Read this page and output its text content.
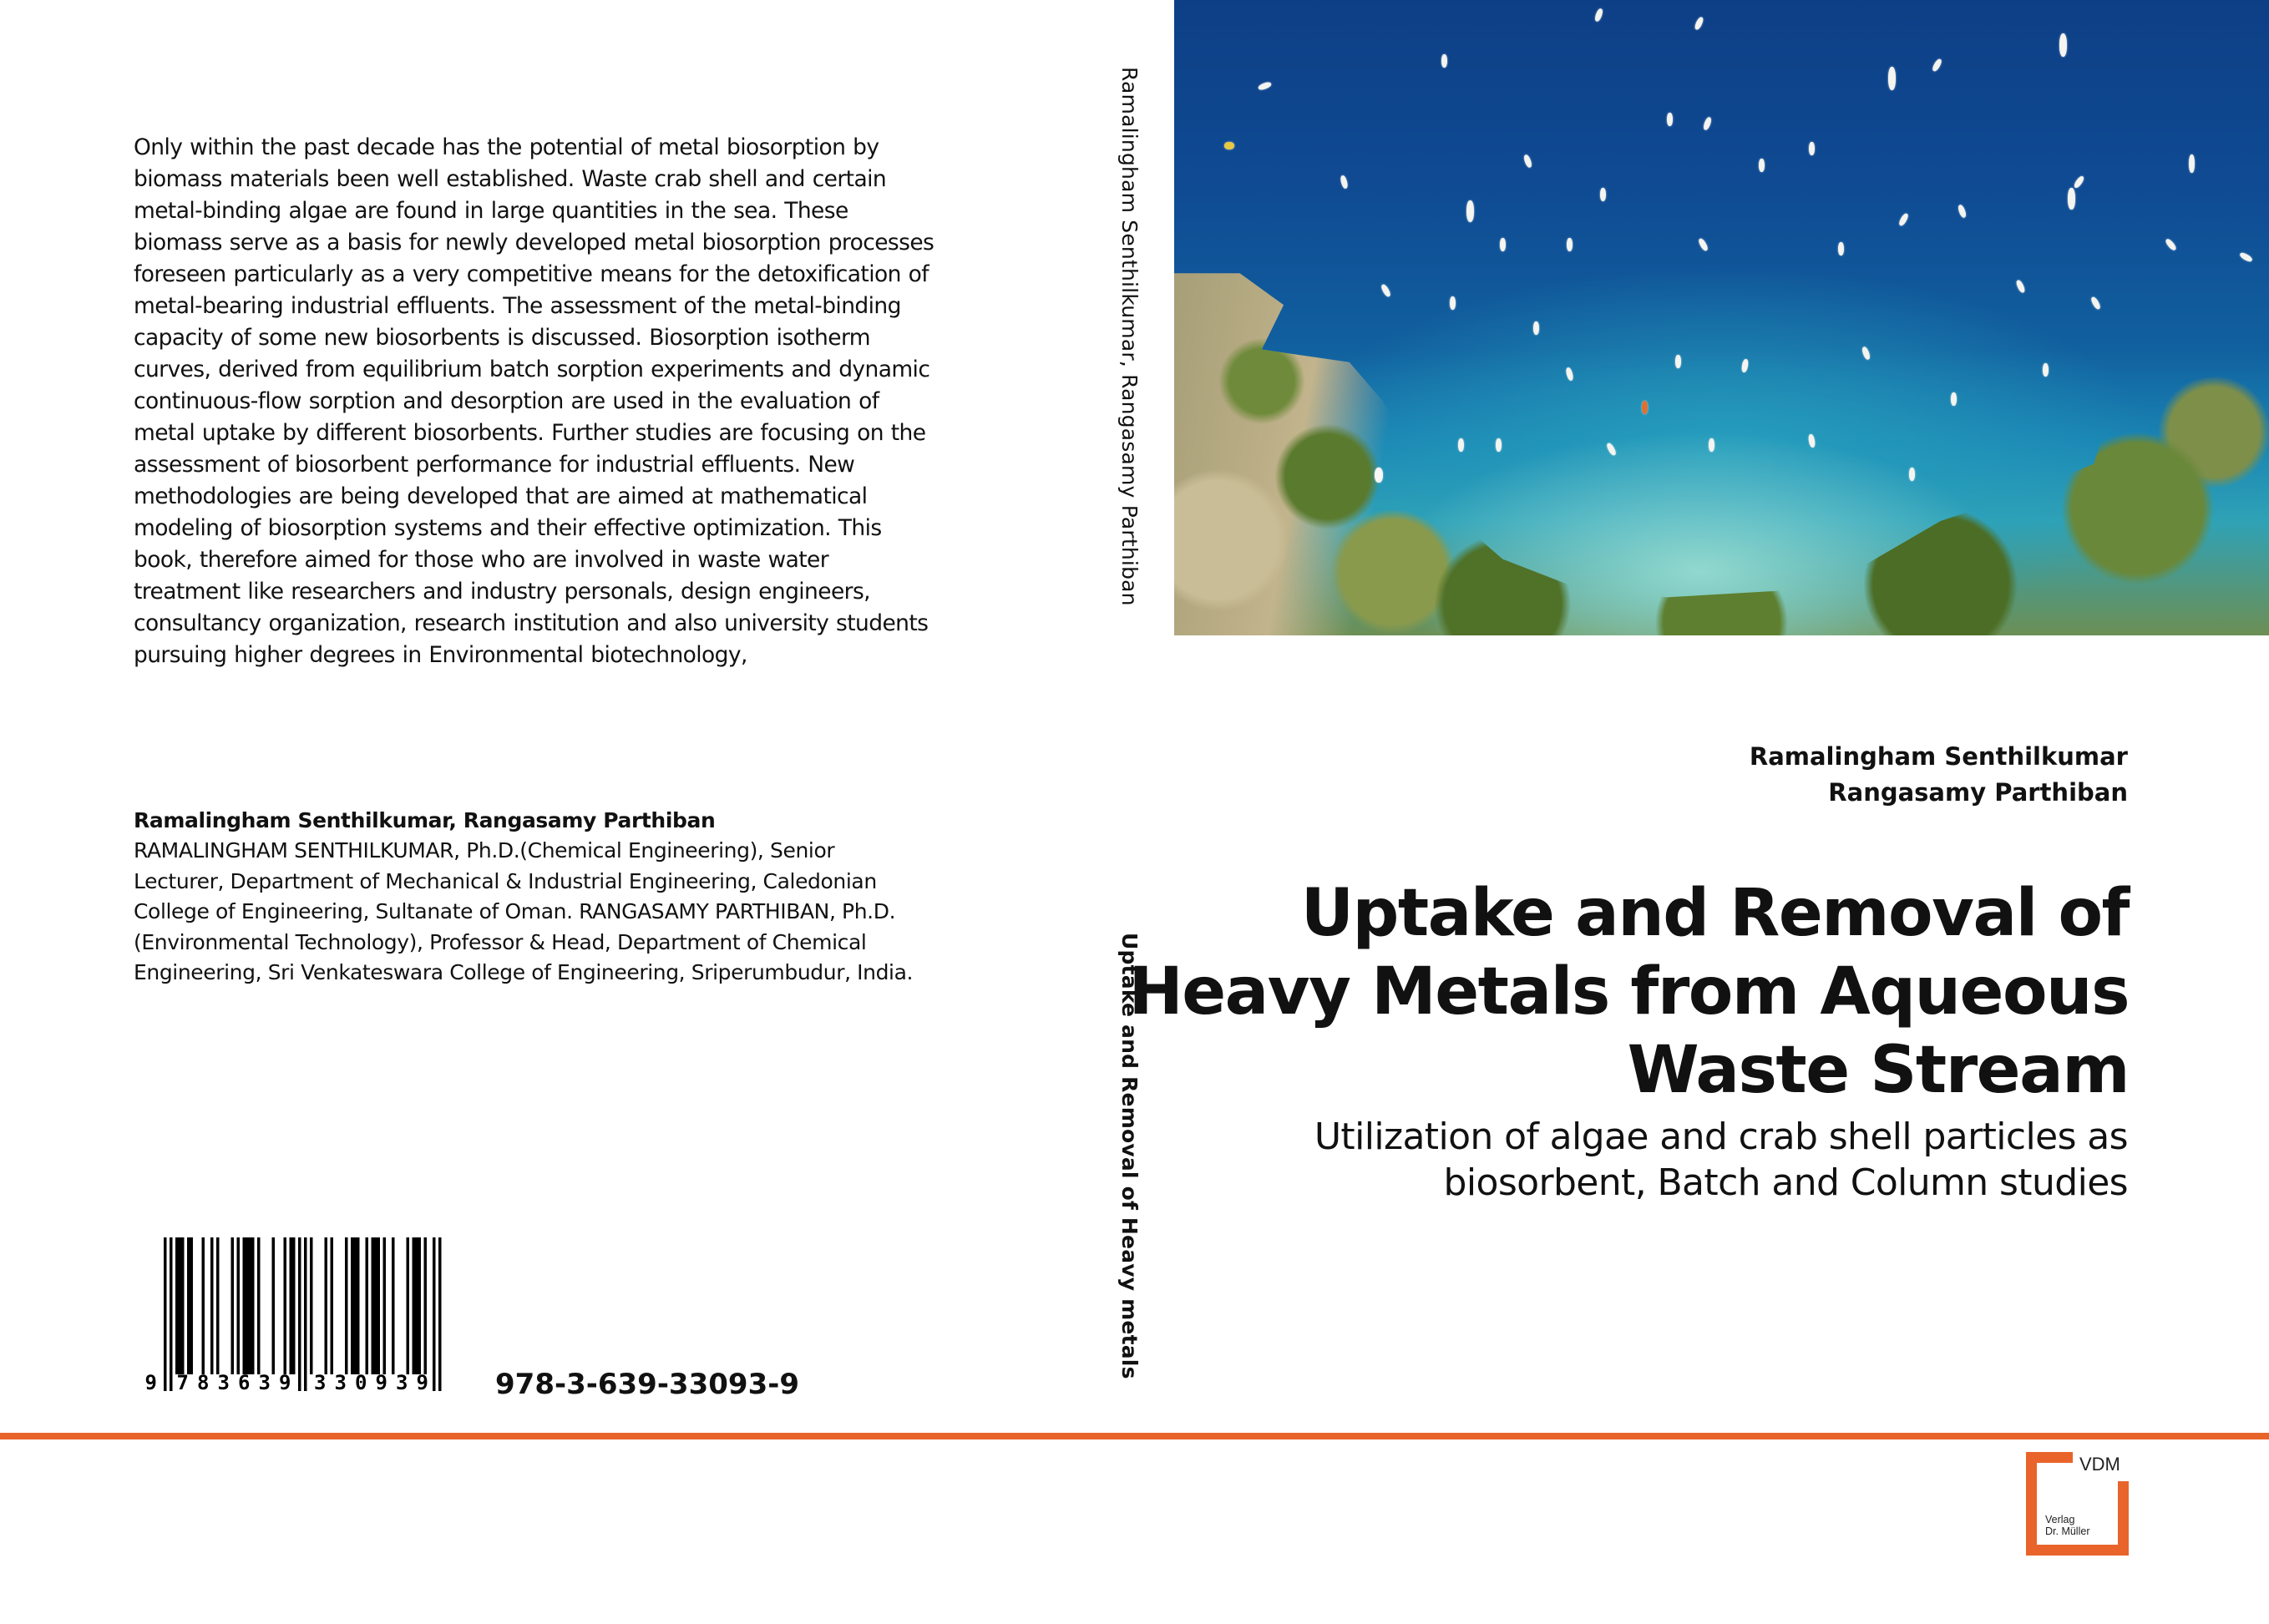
Only within the past decade has the potential of metal biosorption by
biomass materials been well established. Waste crab shell and certain
metal-binding algae are found in large quantities in the sea. These
biomass serve as a basis for newly developed metal biosorption processes
foreseen particularly as a very competitive means for the detoxification of
metal-bearing industrial effluents. The assessment of the metal-binding
capacity of some new biosorbents is discussed. Biosorption isotherm
curves, derived from equilibrium batch sorption experiments and dynamic
continuous-flow sorption and desorption are used in the evaluation of
metal uptake by different biosorbents. Further studies are focusing on the
assessment of biosorbent performance for industrial effluents. New
methodologies are being developed that are aimed at mathematical
modeling of biosorption systems and their effective optimization. This
book, therefore aimed for those who are involved in waste water
treatment like researchers and industry personals, design engineers,
consultancy organization, research institution and also university students
pursuing higher degrees in Environmental biotechnology,
Ramalingham Senthilkumar, Rangasamy Parthiban
RAMALINGHAM SENTHILKUMAR, Ph.D.(Chemical Engineering), Senior
Lecturer, Department of Mechanical & Industrial Engineering, Caledonian
College of Engineering, Sultanate of Oman. RANGASAMY PARTHIBAN, Ph.D.
(Environmental Technology), Professor & Head, Department of Chemical
Engineering, Sri Venkateswara College of Engineering, Sriperumbudur, India.
9 7 8 3 6 3 9 3 3 0 9 3 9 978-3-639-33093-9
Ramalingham Senthilkumar, Rangasamy Parthiban
Uptake and Removal of Heavy metals
Ramalingham Senthilkumar
Rangasamy Parthiban
Uptake and Removal of
Heavy Metals from Aqueous
Waste Stream
Utilization of algae and crab shell particles as
biosorbent, Batch and Column studies
VDM
Verlag
Dr. Müller
